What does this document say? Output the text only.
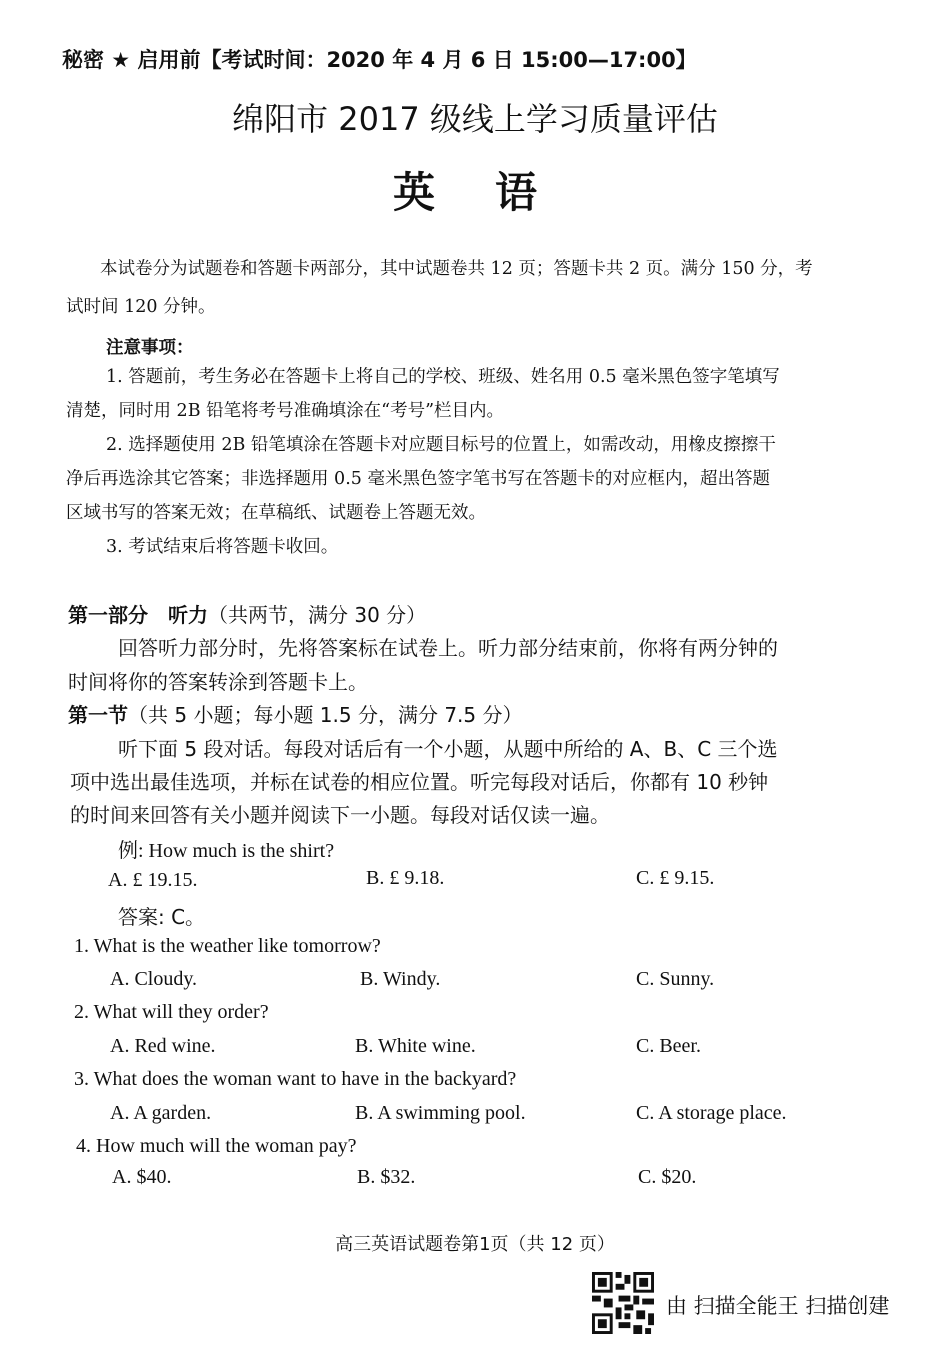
秘密 ★ 启用前【考试时间：2020 年 4 月 6 日 15:00—17:00】
绵阳市 2017 级线上学习质量评估
英语
本试卷分为试题卷和答题卡两部分，其中试题卷共 12 页；答题卡共 2 页。满分 150 分，考
试时间 120 分钟。
注意事项：
1. 答题前，考生务必在答题卡上将自己的学校、班级、姓名用 0.5 毫米黑色签字笔填写
清楚，同时用 2B 铅笔将考号准确填涂在“考号”栏目内。
2. 选择题使用 2B 铅笔填涂在答题卡对应题目标号的位置上，如需改动，用橡皮擦擦干
净后再选涂其它答案；非选择题用 0.5 毫米黑色签字笔书写在答题卡的对应框内，超出答题
区域书写的答案无效；在草稿纸、试题卷上答题无效。
3. 考试结束后将答题卡收回。
第一部分　听力（共两节，满分 30 分）
回答听力部分时，先将答案标在试卷上。听力部分结束前，你将有两分钟的
时间将你的答案转涂到答题卡上。
第一节（共 5 小题；每小题 1.5 分，满分 7.5 分）
听下面 5 段对话。每段对话后有一个小题，从题中所给的 A、B、C 三个选
项中选出最佳选项，并标在试卷的相应位置。听完每段对话后，你都有 10 秒钟
的时间来回答有关小题并阅读下一小题。每段对话仅读一遍。
例: How much is the shirt?
A. £ 19.15.	B. £ 9.18.	C. £ 9.15.
答案: C。
1. What is the weather like tomorrow?
A. Cloudy.	B. Windy.	C. Sunny.
2. What will they order?
A. Red wine.	B. White wine.	C. Beer.
3. What does the woman want to have in the backyard?
A. A garden.	B. A swimming pool.	C. A storage place.
4. How much will the woman pay?
A. $40.	B. $32.	C. $20.
高三英语试题卷第1页（共 12 页）
由 扫描全能王 扫描创建
